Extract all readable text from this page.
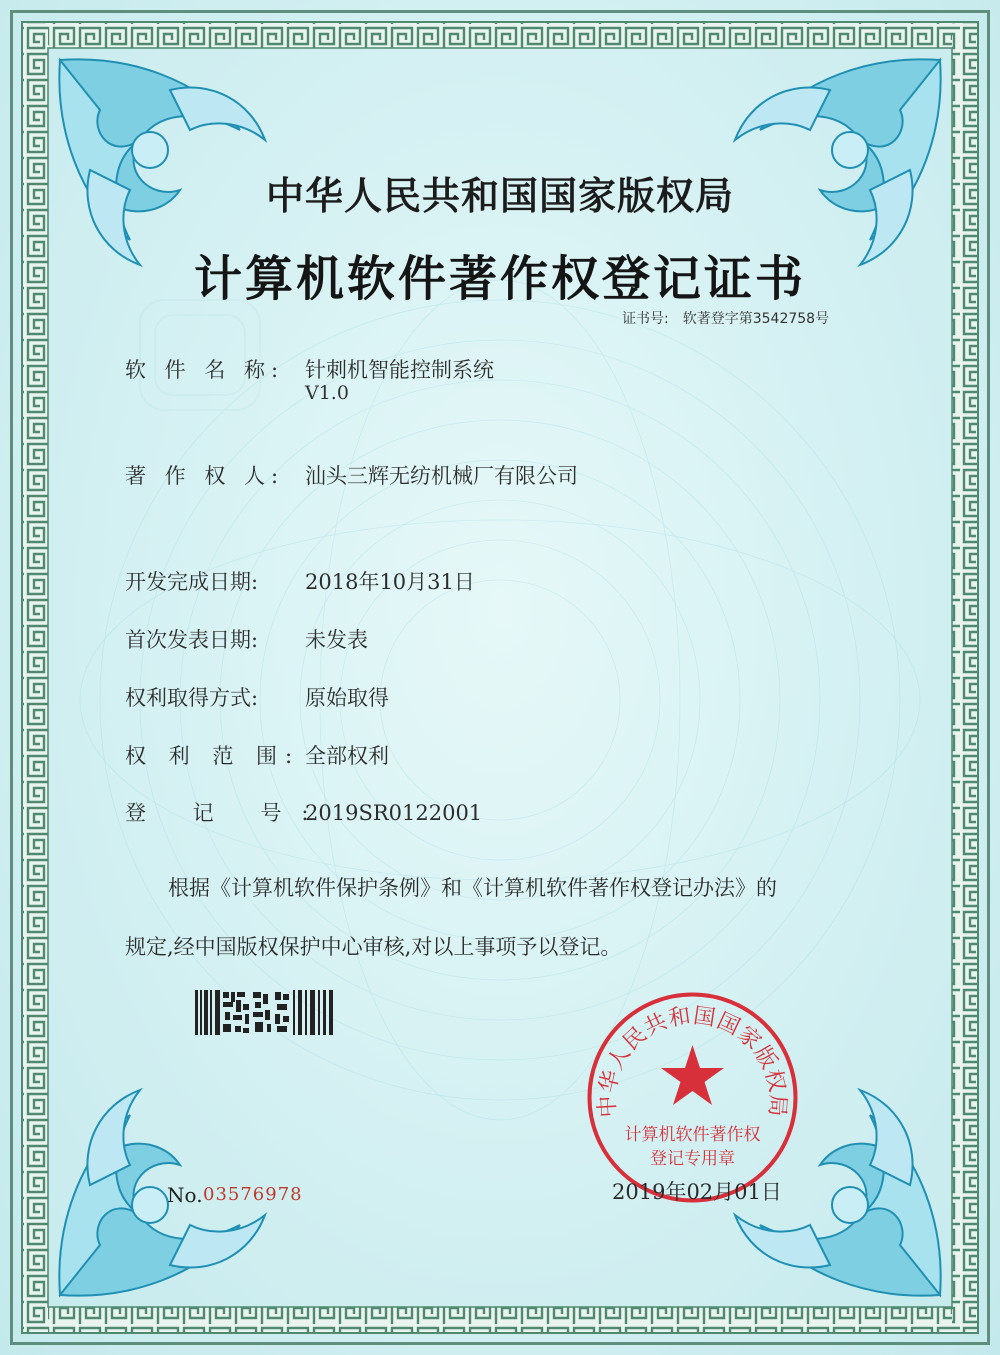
中华人民共和国国家版权局
计算机软件著作权登记证书
证书号: 软著登字第3542758号
软 件 名 称: 针刺机智能控制系统
V1.0
著 作 权 人: 汕头三辉无纺机械厂有限公司
开发完成日期: 2018年10月31日
首次发表日期: 未发表
权利取得方式: 原始取得
权 利 范 围: 全部权利
登 记 号:2019SR0122001
根据《计算机软件保护条例》和《计算机软件著作权登记办法》的
规定,经中国版权保护中心审核,对以上事项予以登记。
No. 03576978
中华人民共和国国家版权局
计算机软件著作权
登记专用章
2019年02月01日
